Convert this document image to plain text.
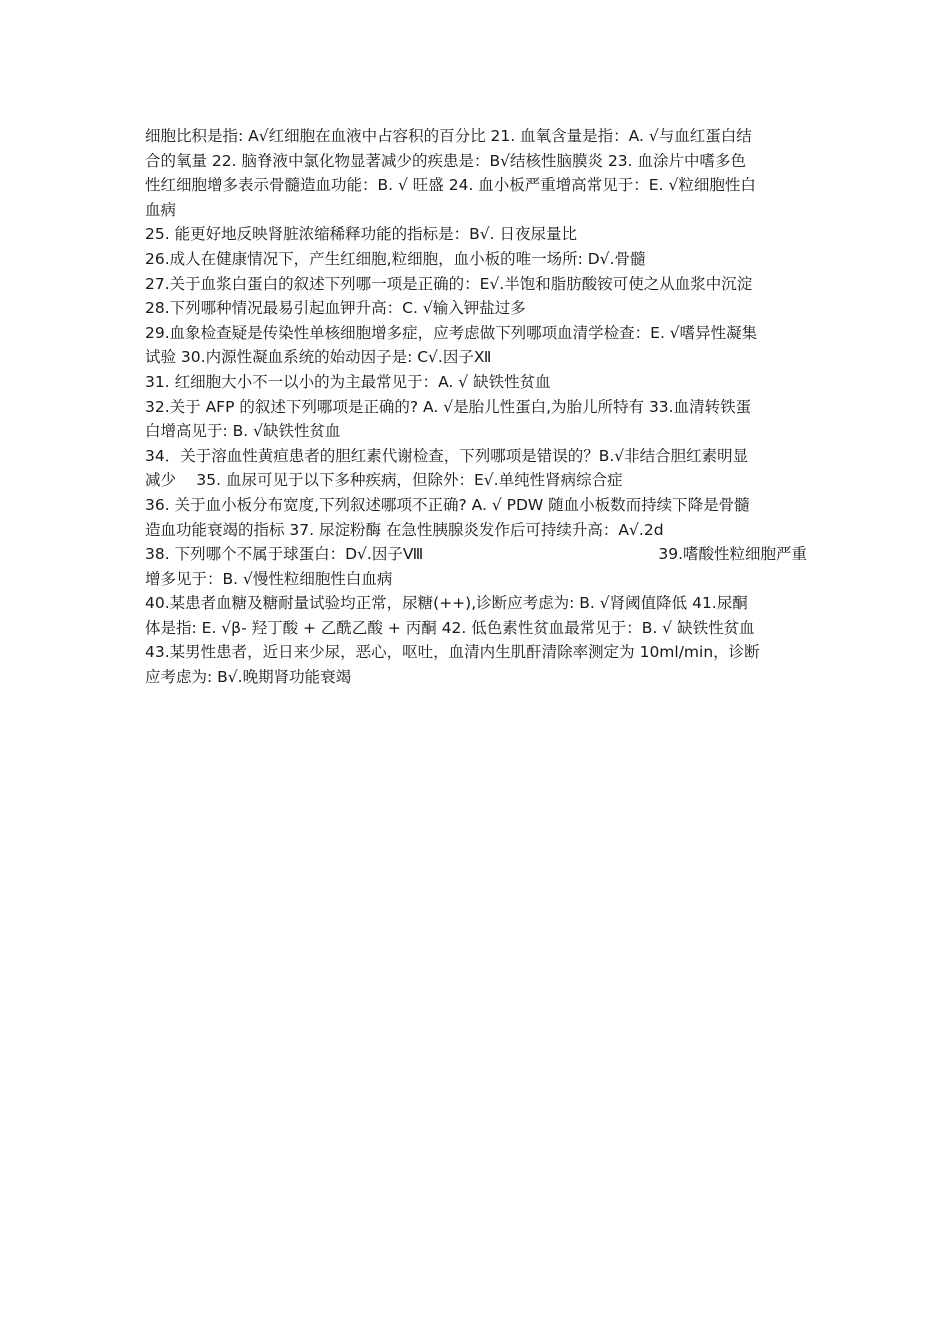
细胞比积是指: A√红细胞在血液中占容积的百分比 21. 血氧含量是指：A. √与血红蛋白结
合的氧量 22. 脑脊液中氯化物显著减少的疾患是：B√结核性脑膜炎 23. 血涂片中嗜多色
性红细胞增多表示骨髓造血功能：B. √ 旺盛 24. 血小板严重增高常见于：E. √粒细胞性白
血病
25. 能更好地反映肾脏浓缩稀释功能的指标是：B√. 日夜尿量比
26.成人在健康情况下，产生红细胞,粒细胞，血小板的唯一场所: D√.骨髓
27.关于血浆白蛋白的叙述下列哪一项是正确的：E√.半饱和脂肪酸铵可使之从血浆中沉淀
28.下列哪种情况最易引起血钾升高：C. √输入钾盐过多
29.血象检查疑是传染性单核细胞增多症，应考虑做下列哪项血清学检查：E. √嗜异性凝集
试验 30.内源性凝血系统的始动因子是: C√.因子Ⅻ
31. 红细胞大小不一以小的为主最常见于：A. √ 缺铁性贫血
32.关于 AFP 的叙述下列哪项是正确的? A. √是胎儿性蛋白,为胎儿所特有 33.血清转铁蛋
白增高见于: B. √缺铁性贫血
34．关于溶血性黄疸患者的胆红素代谢检查，下列哪项是错误的？B.√非结合胆红素明显
减少　 35. 血尿可见于以下多种疾病，但除外：E√.单纯性肾病综合症
36. 关于血小板分布宽度,下列叙述哪项不正确? A. √ PDW 随血小板数而持续下降是骨髓
造血功能衰竭的指标 37. 尿淀粉酶 在急性胰腺炎发作后可持续升高：A√.2d
38. 下列哪个不属于球蛋白：D√.因子Ⅷ	39.嗜酸性粒细胞严重
增多见于：B. √慢性粒细胞性白血病
40.某患者血糖及糖耐量试验均正常，尿糖(++),诊断应考虑为: B. √肾阈值降低 41.尿酮
体是指: E. √β- 羟丁酸 + 乙酰乙酸 + 丙酮 42. 低色素性贫血最常见于：B. √ 缺铁性贫血
43.某男性患者，近日来少尿，恶心，呕吐，血清内生肌酐清除率测定为 10ml/min，诊断
应考虑为: B√.晚期肾功能衰竭
